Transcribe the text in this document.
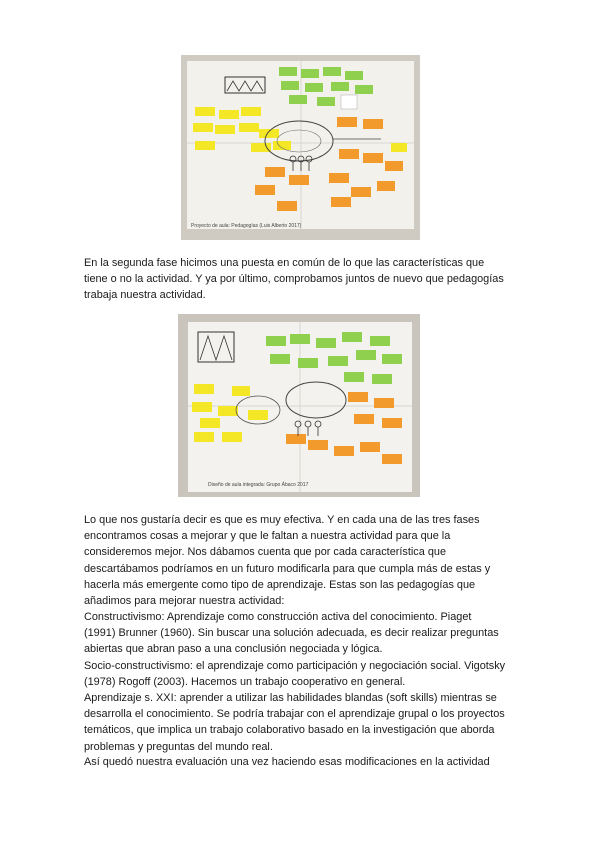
Proyecto de aula: Pedagogías (Luis Alberto 2017)

En la segunda fase hicimos una puesta en común de lo que las características que
tiene o no la actividad. Y ya por último, comprobamos juntos de nuevo que pedagogías
trabaja nuestra actividad.

Diseño de aula integrada: Grupo Ábaco 2017

Lo que nos gustaría decir es que es muy efectiva. Y en cada una de las tres fases
encontramos cosas a mejorar y que le faltan a nuestra actividad para que la
consideremos mejor. Nos dábamos cuenta que por cada característica que
descartábamos podríamos en un futuro modificarla para que cumpla más de estas y
hacerla más emergente como tipo de aprendizaje. Estas son las pedagogías que
añadimos para mejorar nuestra actividad:

Constructivismo: Aprendizaje como construcción activa del conocimiento. Piaget
(1991) Brunner (1960). Sin buscar una solución adecuada, es decir realizar preguntas
abiertas que abran paso a una conclusión negociada y lógica.
Socio-constructivismo: el aprendizaje como participación y negociación social. Vigotsky
(1978) Rogoff (2003). Hacemos un trabajo cooperativo en general.
Aprendizaje s. XXI: aprender a utilizar las habilidades blandas (soft skills) mientras se
desarrolla el conocimiento. Se podría trabajar con el aprendizaje grupal o los proyectos
temáticos, que implica un trabajo colaborativo basado en la investigación que aborda
problemas y preguntas del mundo real.

Así quedó nuestra evaluación una vez haciendo esas modificaciones en la actividad
